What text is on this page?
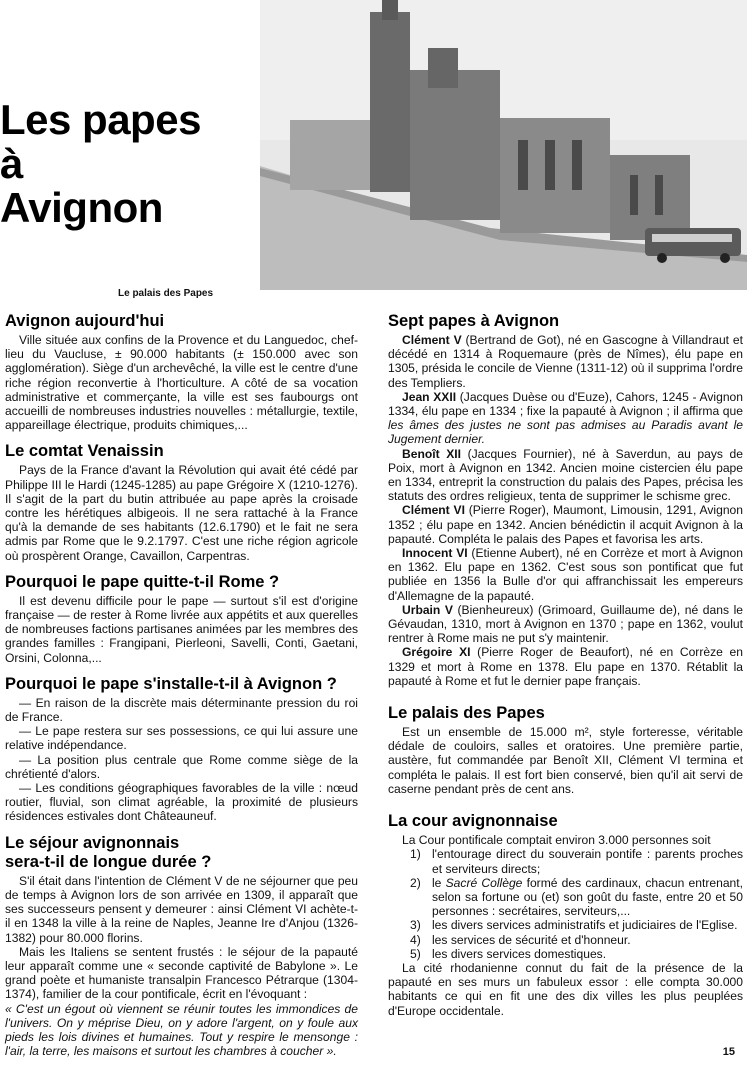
Les papes
à
Avignon
Le palais des Papes
Avignon aujourd'hui

Ville située aux confins de la Provence et du Languedoc, chef-lieu du Vaucluse, ± 90.000 habitants (± 150.000 avec son agglomération). Siège d'un archevêché, la ville est le centre d'une riche région reconvertie à l'horticulture. A côté de sa vocation administrative et commerçante, la ville est ses faubourgs ont accueilli de nombreuses industries nouvelles : métallurgie, textile, appareillage électrique, produits chimiques,...

Le comtat Venaissin

Pays de la France d'avant la Révolution qui avait été cédé par Philippe III le Hardi (1245-1285) au pape Grégoire X (1210-1276). Il s'agit de la part du butin attribuée au pape après la croisade contre les hérétiques albigeois. Il ne sera rattaché à la France qu'à la demande de ses habitants (12.6.1790) et le fait ne sera admis par Rome que le 9.2.1797. C'est une riche région agricole où prospèrent Orange, Cavaillon, Carpentras.

Pourquoi le pape quitte-t-il Rome ?

Il est devenu difficile pour le pape — surtout s'il est d'origine française — de rester à Rome livrée aux appétits et aux querelles de nombreuses factions partisanes animées par les membres des grandes familles : Frangipani, Pierleoni, Savelli, Conti, Gaetani, Orsini, Colonna,...

Pourquoi le pape s'installe-t-il à Avignon ?

— En raison de la discrète mais déterminante pression du roi de France.

— Le pape restera sur ses possessions, ce qui lui assure une relative indépendance.

— La position plus centrale que Rome comme siège de la chrétienté d'alors.

— Les conditions géographiques favorables de la ville : nœud routier, fluvial, son climat agréable, la proximité de plusieurs résidences estivales dont Châteauneuf.

Le séjour avignonnais
sera-t-il de longue durée ?

S'il était dans l'intention de Clément V de ne séjourner que peu de temps à Avignon lors de son arrivée en 1309, il apparaît que ses successeurs pensent y demeurer : ainsi Clément VI achète-t-il en 1348 la ville à la reine de Naples, Jeanne Ire d'Anjou (1326-1382) pour 80.000 florins.

Mais les Italiens se sentent frustés : le séjour de la papauté leur apparaît comme une « seconde captivité de Babylone ». Le grand poète et humaniste transalpin Francesco Pétrarque (1304-1374), familier de la cour pontificale, écrit en l'évoquant :

« C'est un égout où viennent se réunir toutes les immondices de l'univers. On y méprise Dieu, on y adore l'argent, on y foule aux pieds les lois divines et humaines. Tout y respire le mensonge : l'air, la terre, les maisons et surtout les chambres à coucher ».

Sept papes à Avignon

Clément V (Bertrand de Got), né en Gascogne à Villandraut et décédé en 1314 à Roquemaure (près de Nîmes), élu pape en 1305, présida le concile de Vienne (1311-12) où il supprima l'ordre des Templiers.

Jean XXII (Jacques Duèse ou d'Euze), Cahors, 1245 - Avignon 1334, élu pape en 1334 ; fixe la papauté à Avignon ; il affirma que les âmes des justes ne sont pas admises au Paradis avant le Jugement dernier.

Benoît XII (Jacques Fournier), né à Saverdun, au pays de Poix, mort à Avignon en 1342. Ancien moine cistercien élu pape en 1334, entreprit la construction du palais des Papes, précisa les statuts des ordres religieux, tenta de supprimer le schisme grec.

Clément VI (Pierre Roger), Maumont, Limousin, 1291, Avignon 1352 ; élu pape en 1342. Ancien bénédictin il acquit Avignon à la papauté. Compléta le palais des Papes et favorisa les arts.

Innocent VI (Etienne Aubert), né en Corrèze et mort à Avignon en 1362. Elu pape en 1362. C'est sous son pontificat que fut publiée en 1356 la Bulle d'or qui affranchissait les empereurs d'Allemagne de la papauté.

Urbain V (Bienheureux) (Grimoard, Guillaume de), né dans le Gévaudan, 1310, mort à Avignon en 1370 ; pape en 1362, voulut rentrer à Rome mais ne put s'y maintenir.

Grégoire XI (Pierre Roger de Beaufort), né en Corrèze en 1329 et mort à Rome en 1378. Elu pape en 1370. Rétablit la papauté à Rome et fut le dernier pape français.

Le palais des Papes

Est un ensemble de 15.000 m², style forteresse, véritable dédale de couloirs, salles et oratoires. Une première partie, austère, fut commandée par Benoît XII, Clément VI termina et compléta le palais. Il est fort bien conservé, bien qu'il ait servi de caserne pendant près de cent ans.

La cour avignonnaise

La Cour pontificale comptait environ 3.000 personnes soit

1) l'entourage direct du souverain pontife : parents proches et serviteurs directs;
2) le Sacré Collège formé des cardinaux, chacun entrenant, selon sa fortune ou (et) son goût du faste, entre 20 et 50 personnes : secrétaires, serviteurs,...
3) les divers services administratifs et judiciaires de l'Eglise.
4) les services de sécurité et d'honneur.
5) les divers services domestiques.

La cité rhodanienne connut du fait de la présence de la papauté en ses murs un fabuleux essor : elle compta 30.000 habitants ce qui en fit une des dix villes les plus peuplées d'Europe occidentale.

15
